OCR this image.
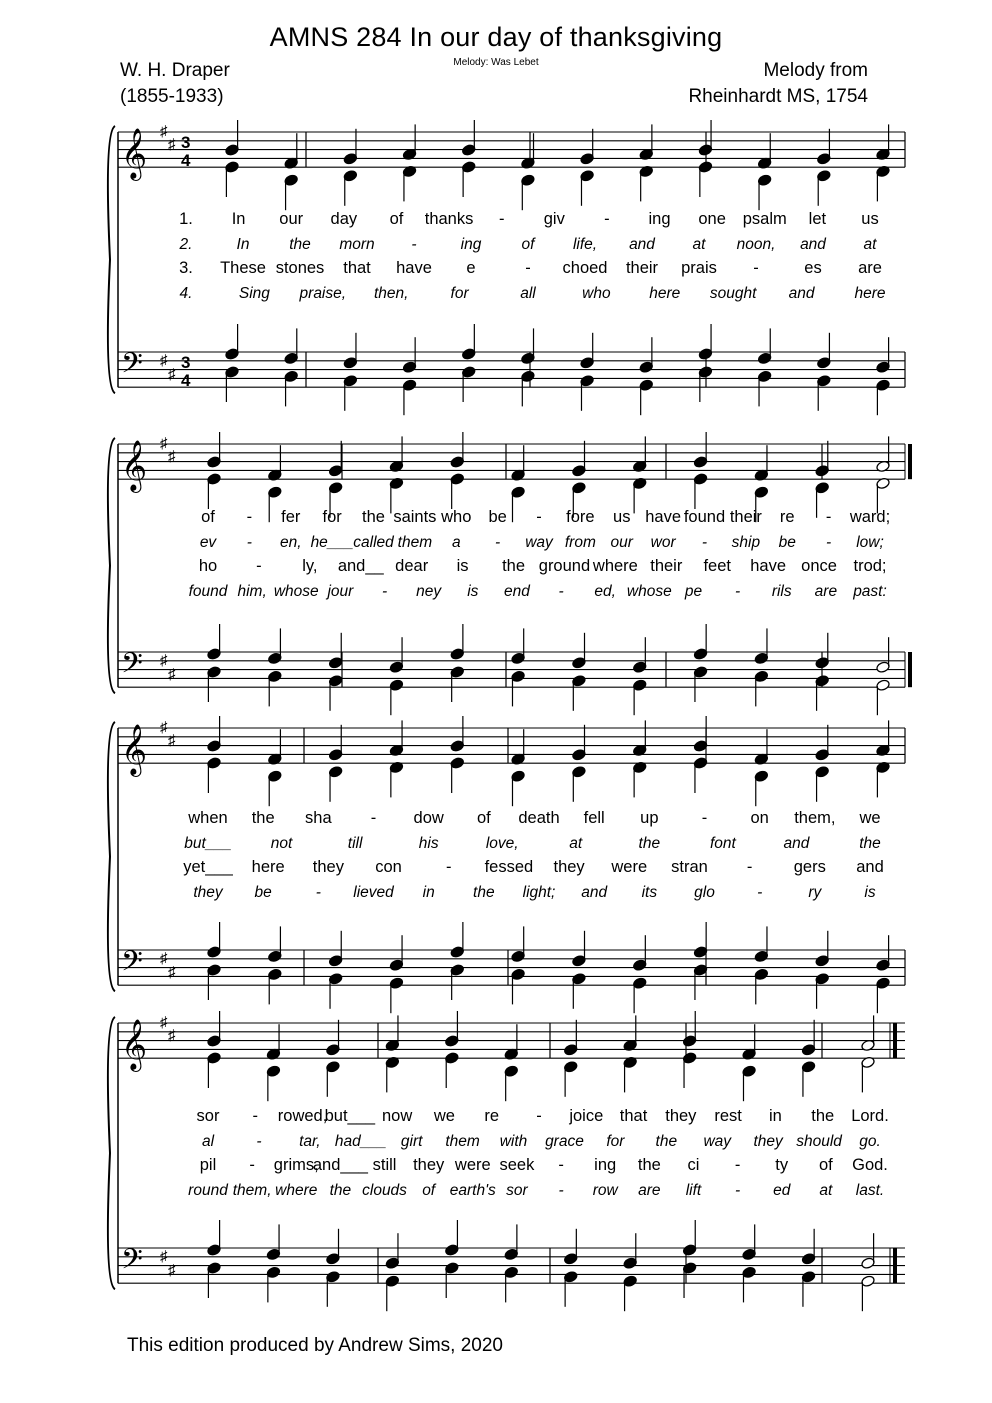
AMNS 284 In our day of thanksgiving
Melody: Was Lebet
W. H. Draper
(1855-1933)
Melody from
Rheinhardt MS, 1754
𝄞
𝄢
♯
♯
♯
♯
3
4
3
4
1. In our day of thanks - giv - ing one psalm let us
2.	In	the morn -	ing	of life, and at noon, and at
3. These stones that have e	- choed their prais -	es are
4.	Sing praise, then,	for	all	who here sought and	here
𝄞
𝄢
♯
♯
♯
♯
of - fer for the saints who be - fore us have found their re - ward;
ev - en, he___ called them a - way from our wor - ship be - low;
ho - ly, and__ dear is the ground where their feet have once trod;
found him, whose jour - ney is end - ed, whose pe - rils are past:
𝄞
𝄢
♯
♯
♯
♯
when the sha - dow of death fell up	-	on them, we
but___	not	till	his	love,	at	the	font	and	the
yet___ here they con	- fessed they were stran -	gers and
they be	- lieved in the light; and its glo	-	ry	is
𝄞
𝄢
♯
♯
♯
♯
sor - rowed,
but___ now we re - joice that they rest in the Lord.
al	- tar, had___ girt them with grace for the way they should go.
pil - grims,
and___ still they were seek - ing the ci - ty of God.
round them, where the clouds of earth's sor - row are lift - ed at last.
This edition produced by Andrew Sims, 2020
